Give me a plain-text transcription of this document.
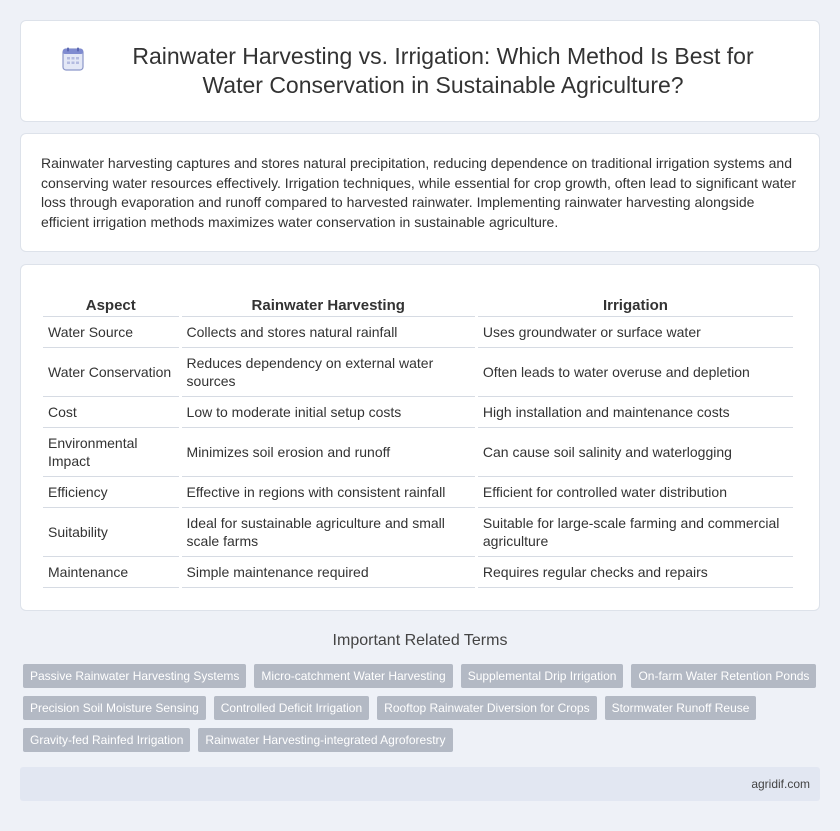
Rainwater Harvesting vs. Irrigation: Which Method Is Best for Water Conservation in Sustainable Agriculture?

Rainwater harvesting captures and stores natural precipitation, reducing dependence on traditional irrigation systems and conserving water resources effectively. Irrigation techniques, while essential for crop growth, often lead to significant water loss through evaporation and runoff compared to harvested rainwater. Implementing rainwater harvesting alongside efficient irrigation methods maximizes water conservation in sustainable agriculture.

Aspect	Rainwater Harvesting	Irrigation
Water Source	Collects and stores natural rainfall	Uses groundwater or surface water
Water Conservation	Reduces dependency on external water sources	Often leads to water overuse and depletion
Cost	Low to moderate initial setup costs	High installation and maintenance costs
Environmental Impact	Minimizes soil erosion and runoff	Can cause soil salinity and waterlogging
Efficiency	Effective in regions with consistent rainfall	Efficient for controlled water distribution
Suitability	Ideal for sustainable agriculture and small scale farms	Suitable for large-scale farming and commercial agriculture
Maintenance	Simple maintenance required	Requires regular checks and repairs
Important Related Terms
Passive Rainwater Harvesting Systems	Micro-catchment Water Harvesting	Supplemental Drip Irrigation	On-farm Water Retention Ponds
Precision Soil Moisture Sensing	Controlled Deficit Irrigation	Rooftop Rainwater Diversion for Crops	Stormwater Runoff Reuse
Gravity-fed Rainfed Irrigation	Rainwater Harvesting-integrated Agroforestry
agridif.com
